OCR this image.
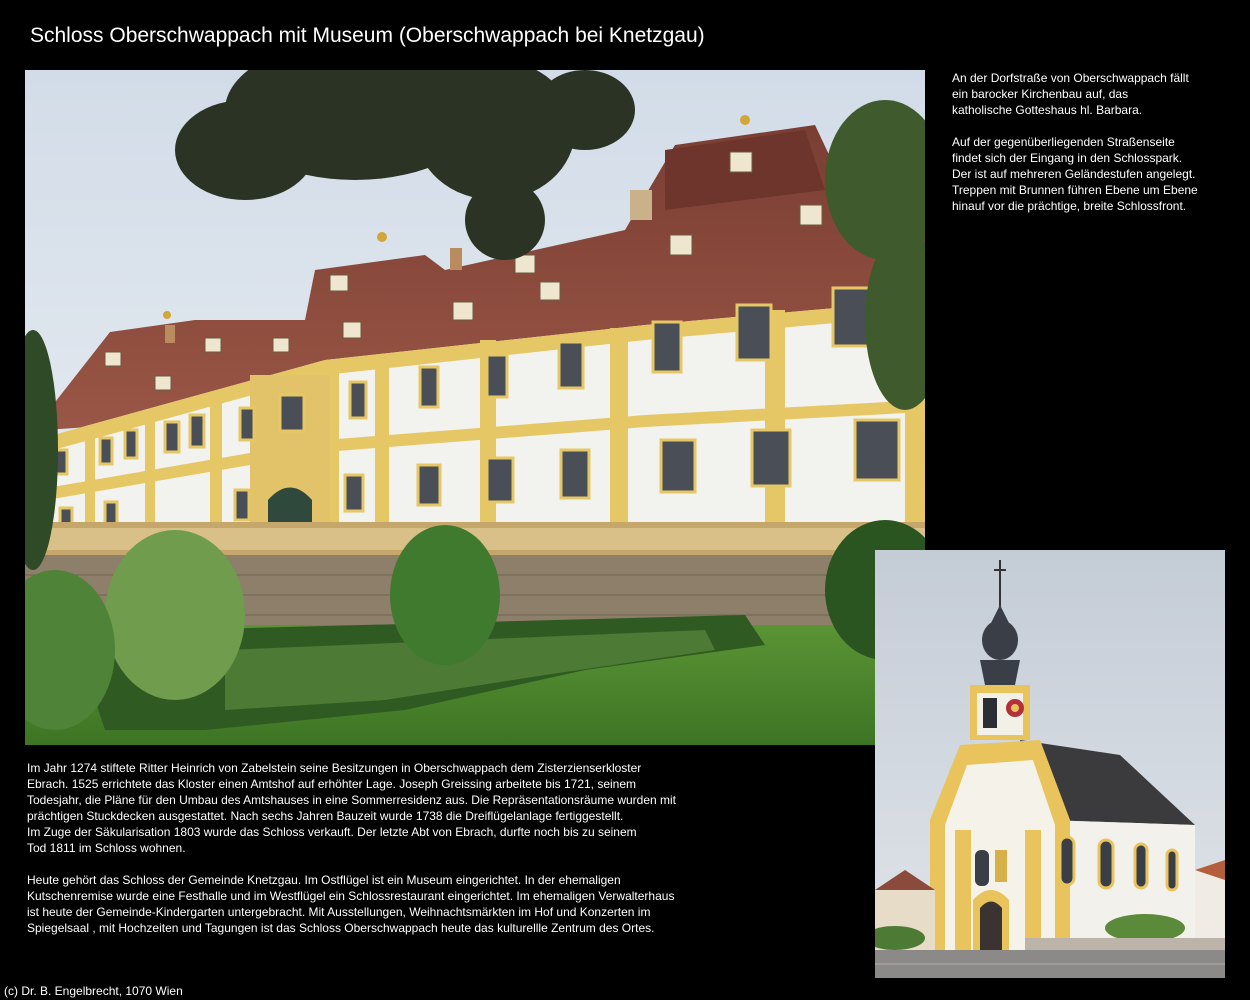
Schloss Oberschwappach mit Museum (Oberschwappach bei Knetzgau)

An der Dorfstraße von Oberschwappach fällt
ein barocker Kirchenbau auf, das
katholische Gotteshaus hl. Barbara.

Auf der gegenüberliegenden Straßenseite
findet sich der Eingang in den Schlosspark.
Der ist auf mehreren Geländestufen angelegt.
Treppen mit Brunnen führen Ebene um Ebene
hinauf vor die prächtige, breite Schlossfront.

Im Jahr 1274 stiftete Ritter Heinrich von Zabelstein seine Besitzungen in Oberschwappach dem Zisterzienserkloster
Ebrach. 1525 errichtete das Kloster einen Amtshof auf erhöhter Lage. Joseph Greissing arbeitete bis 1721, seinem
Todesjahr, die Pläne für den Umbau des Amtshauses in eine Sommerresidenz aus. Die Repräsentationsräume wurden mit
prächtigen Stuckdecken ausgestattet. Nach sechs Jahren Bauzeit wurde 1738 die Dreiflügelanlage fertiggestellt.
Im Zuge der Säkularisation 1803 wurde das Schloss verkauft. Der letzte Abt von Ebrach, durfte noch bis zu seinem
Tod 1811 im Schloss wohnen.

Heute gehört das Schloss der Gemeinde Knetzgau. Im Ostflügel ist ein Museum eingerichtet. In der ehemaligen
Kutschenremise wurde eine Festhalle und im Westflügel ein Schlossrestaurant eingerichtet. Im ehemaligen Verwalterhaus
ist heute der Gemeinde-Kindergarten untergebracht. Mit Ausstellungen, Weihnachtsmärkten im Hof und Konzerten im
Spiegelsaal , mit Hochzeiten und Tagungen ist das Schloss Oberschwappach heute das kulturellle Zentrum des Ortes.

(c) Dr. B. Engelbrecht, 1070 Wien
